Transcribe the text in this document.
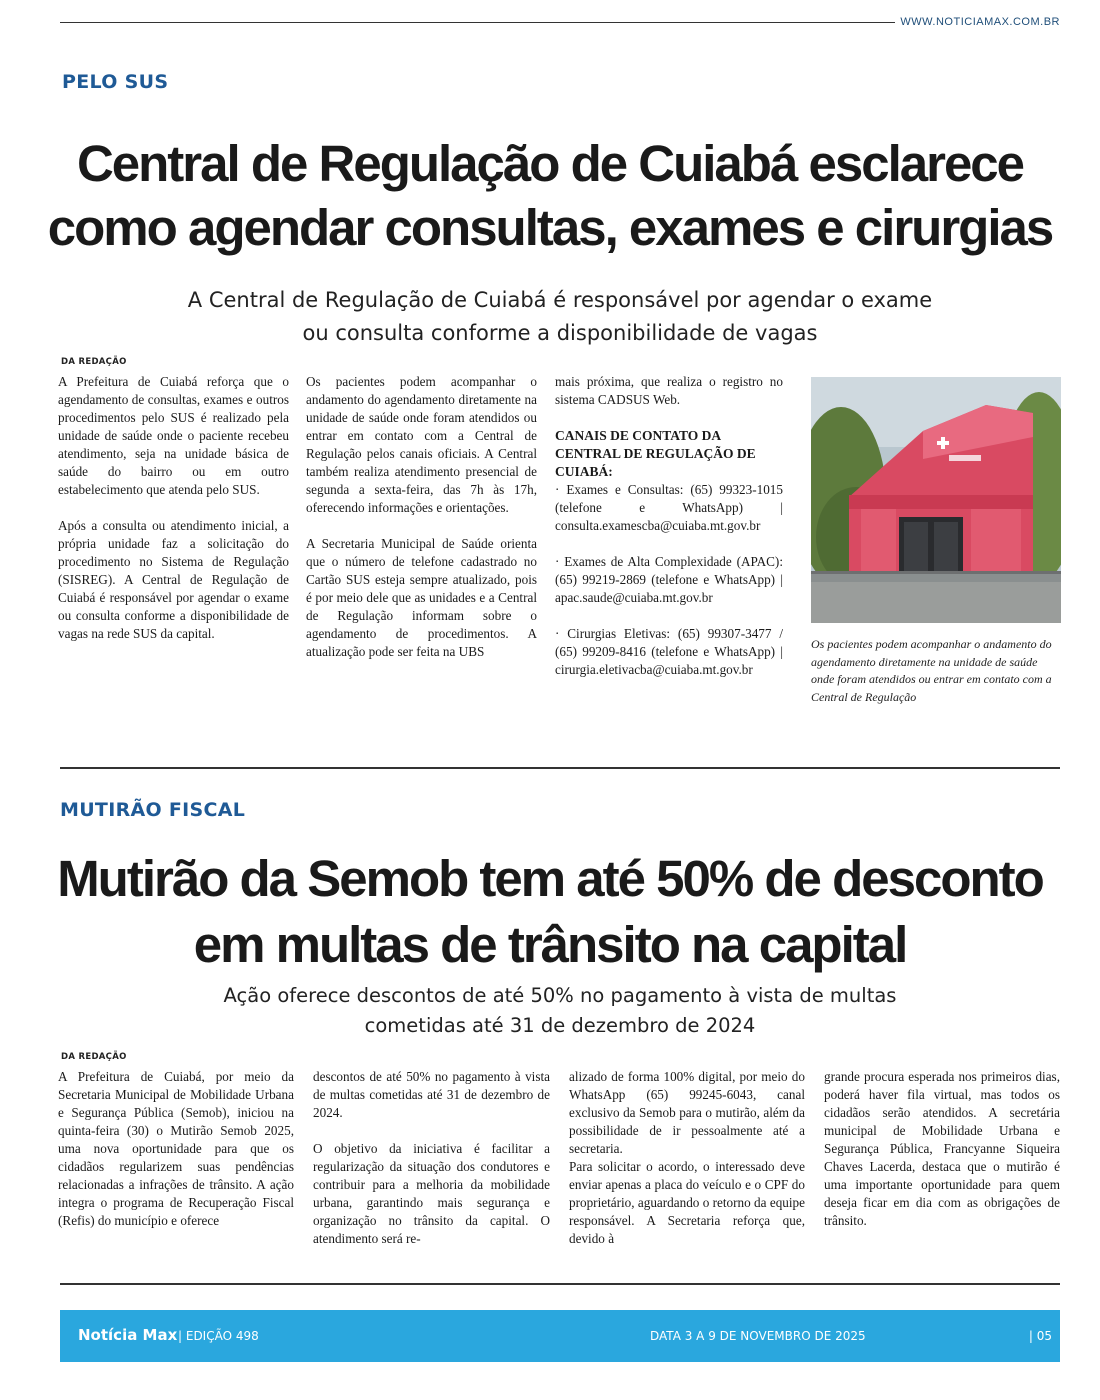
WWW.NOTICIAMAX.COM.BR
PELO SUS
Central de Regulação de Cuiabá esclarece
como agendar consultas, exames e cirurgias
A Central de Regulação de Cuiabá é responsável por agendar o exame
ou consulta conforme a disponibilidade de vagas
DA REDAÇÃO

A Prefeitura de Cuiabá reforça que o agendamento de consultas, exames e outros procedimentos pelo SUS é realizado pela unidade de saúde onde o paciente recebeu atendimento, seja na unidade básica de saúde do bairro ou em outro estabelecimento que atenda pelo SUS.

Após a consulta ou atendimento inicial, a própria unidade faz a solicitação do procedimento no Sistema de Regulação (SISREG). A Central de Regulação de Cuiabá é responsável por agendar o exame ou consulta conforme a disponibilidade de vagas na rede SUS da capital.

Os pacientes podem acompanhar o andamento do agendamento diretamente na unidade de saúde onde foram atendidos ou entrar em contato com a Central de Regulação pelos canais oficiais. A Central também realiza atendimento presencial de segunda a sexta-feira, das 7h às 17h, oferecendo informações e orientações.

A Secretaria Municipal de Saúde orienta que o número de telefone cadastrado no Cartão SUS esteja sempre atualizado, pois é por meio dele que as unidades e a Central de Regulação informam sobre o agendamento de procedimentos. A atualização pode ser feita na UBS

mais próxima, que realiza o registro no sistema CADSUS Web.

CANAIS DE CONTATO DA CENTRAL DE REGULAÇÃO DE CUIABÁ:

· Exames e Consultas: (65) 99323-1015 (telefone e WhatsApp) | consulta.examescba@cuiaba.mt.gov.br

· Exames de Alta Complexidade (APAC): (65) 99219-2869 (telefone e WhatsApp) | apac.saude@cuiaba.mt.gov.br

· Cirurgias Eletivas: (65) 99307-3477 / (65) 99209-8416 (telefone e WhatsApp) | cirurgia.eletivacba@cuiaba.mt.gov.br

Os pacientes podem acompanhar o andamento do agendamento diretamente na unidade de saúde onde foram atendidos ou entrar em contato com a Central de Regulação
MUTIRÃO FISCAL
Mutirão da Semob tem até 50% de desconto
em multas de trânsito na capital
Ação oferece descontos de até 50% no pagamento à vista de multas
cometidas até 31 de dezembro de 2024
DA REDAÇÃO

A Prefeitura de Cuiabá, por meio da Secretaria Municipal de Mobilidade Urbana e Segurança Pública (Semob), iniciou na quinta-feira (30) o Mutirão Semob 2025, uma nova oportunidade para que os cidadãos regularizem suas pendências relacionadas a infrações de trânsito. A ação integra o programa de Recuperação Fiscal (Refis) do município e oferece

descontos de até 50% no pagamento à vista de multas cometidas até 31 de dezembro de 2024.

O objetivo da iniciativa é facilitar a regularização da situação dos condutores e contribuir para a melhoria da mobilidade urbana, garantindo mais segurança e organização no trânsito da capital. O atendimento será re-

alizado de forma 100% digital, por meio do WhatsApp (65) 99245-6043, canal exclusivo da Semob para o mutirão, além da possibilidade de ir pessoalmente até a secretaria.

Para solicitar o acordo, o interessado deve enviar apenas a placa do veículo e o CPF do proprietário, aguardando o retorno da equipe responsável. A Secretaria reforça que, devido à

grande procura esperada nos primeiros dias, poderá haver fila virtual, mas todos os cidadãos serão atendidos. A secretária municipal de Mobilidade Urbana e Segurança Pública, Francyanne Siqueira Chaves Lacerda, destaca que o mutirão é uma importante oportunidade para quem deseja ficar em dia com as obrigações de trânsito.

Notícia Max | EDIÇÃO 498	DATA 3 A 9 DE NOVEMBRO DE 2025	| 05
